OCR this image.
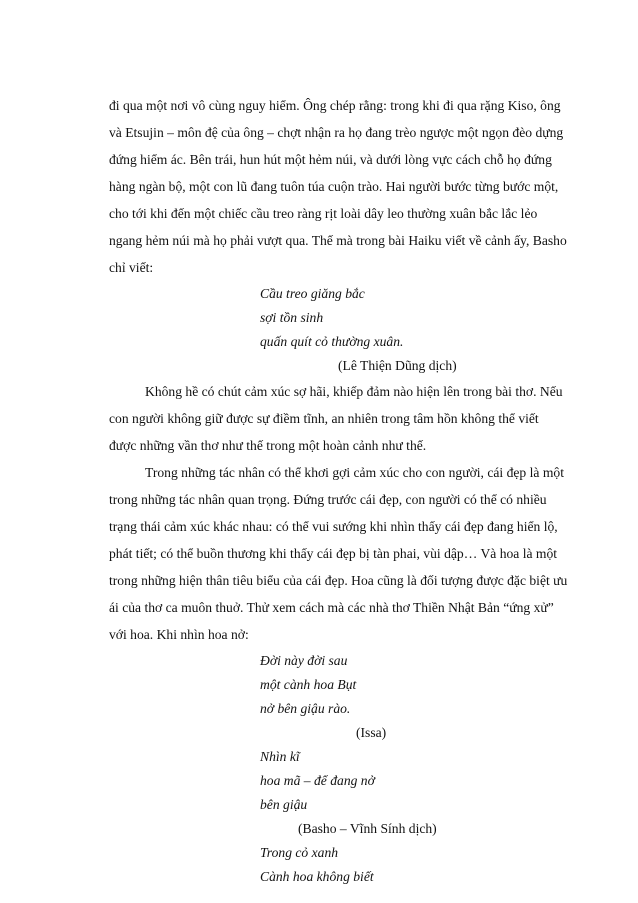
đi qua một nơi vô cùng nguy hiểm. Ông chép rằng: trong khi đi qua rặng Kiso, ông
và Etsujin – môn đệ của ông – chợt nhận ra họ đang trèo ngược một ngọn đèo dựng
đứng hiểm ác. Bên trái, hun hút một hẻm núi, và dưới lòng vực cách chỗ họ đứng
hàng ngàn bộ, một con lũ đang tuôn túa cuộn trào. Hai người bước từng bước một,
cho tới khi đến một chiếc cầu treo ràng rịt loài dây leo thường xuân bắc lắc lẻo
ngang hẻm núi mà họ phải vượt qua. Thế mà trong bài Haiku viết về cảnh ấy, Basho
chỉ viết:
Cầu treo giăng bắc
sợi tồn sinh
quấn quít cỏ thường xuân.
(Lê Thiện Dũng dịch)
Không hề có chút cảm xúc sợ hãi, khiếp đảm nào hiện lên trong bài thơ. Nếu
con người không giữ được sự điềm tĩnh, an nhiên trong tâm hồn không thể viết
được những vần thơ như thế trong một hoàn cảnh như thế.
Trong những tác nhân có thể khơi gợi cảm xúc cho con người, cái đẹp là một
trong những tác nhân quan trọng. Đứng trước cái đẹp, con người có thể có nhiều
trạng thái cảm xúc khác nhau: có thể vui sướng khi nhìn thấy cái đẹp đang hiển lộ,
phát tiết; có thể buồn thương khi thấy cái đẹp bị tàn phai, vùi dập… Và hoa là một
trong những hiện thân tiêu biểu của cái đẹp. Hoa cũng là đối tượng được đặc biệt ưu
ái của thơ ca muôn thuở. Thử xem cách mà các nhà thơ Thiền Nhật Bản “ứng xử”
với hoa. Khi nhìn hoa nở:
Đời này đời sau
một cành hoa Bụt
nở bên giậu rào.
(Issa)
Nhìn kĩ
hoa mã – để đang nở
bên giậu
(Basho – Vĩnh Sính dịch)
Trong cỏ xanh
Cành hoa không biết
